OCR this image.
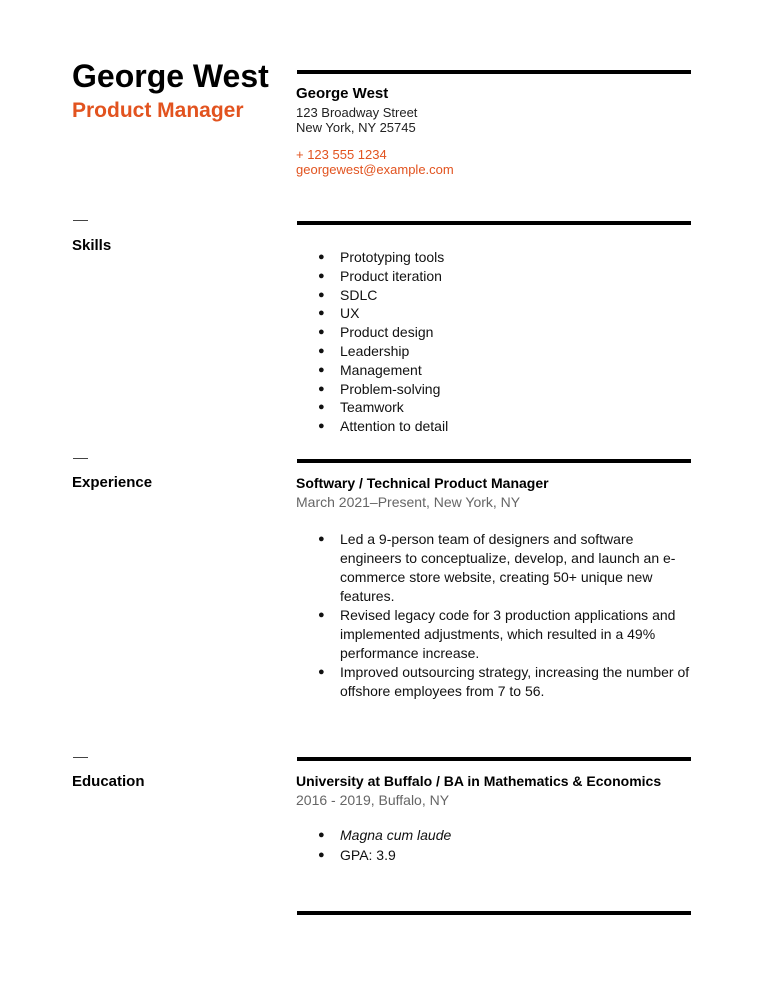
George West
Product Manager
George West
123 Broadway Street
New York, NY 25745
+ 123 555 1234
georgewest@example.com
Skills
● Prototyping tools
● Product iteration
● SDLC
● UX
● Product design
● Leadership
● Management
● Problem-solving
● Teamwork
● Attention to detail
Experience	Softwary / Technical Product Manager
March 2021–Present, New York, NY
● Led a 9-person team of designers and software engineers to conceptualize, develop, and launch an e-commerce store website, creating 50+ unique new features.
● Revised legacy code for 3 production applications and implemented adjustments, which resulted in a 49% performance increase.
● Improved outsourcing strategy, increasing the number of offshore employees from 7 to 56.
Education	University at Buffalo / BA in Mathematics & Economics
2016 - 2019, Buffalo, NY
● Magna cum laude
● GPA: 3.9
